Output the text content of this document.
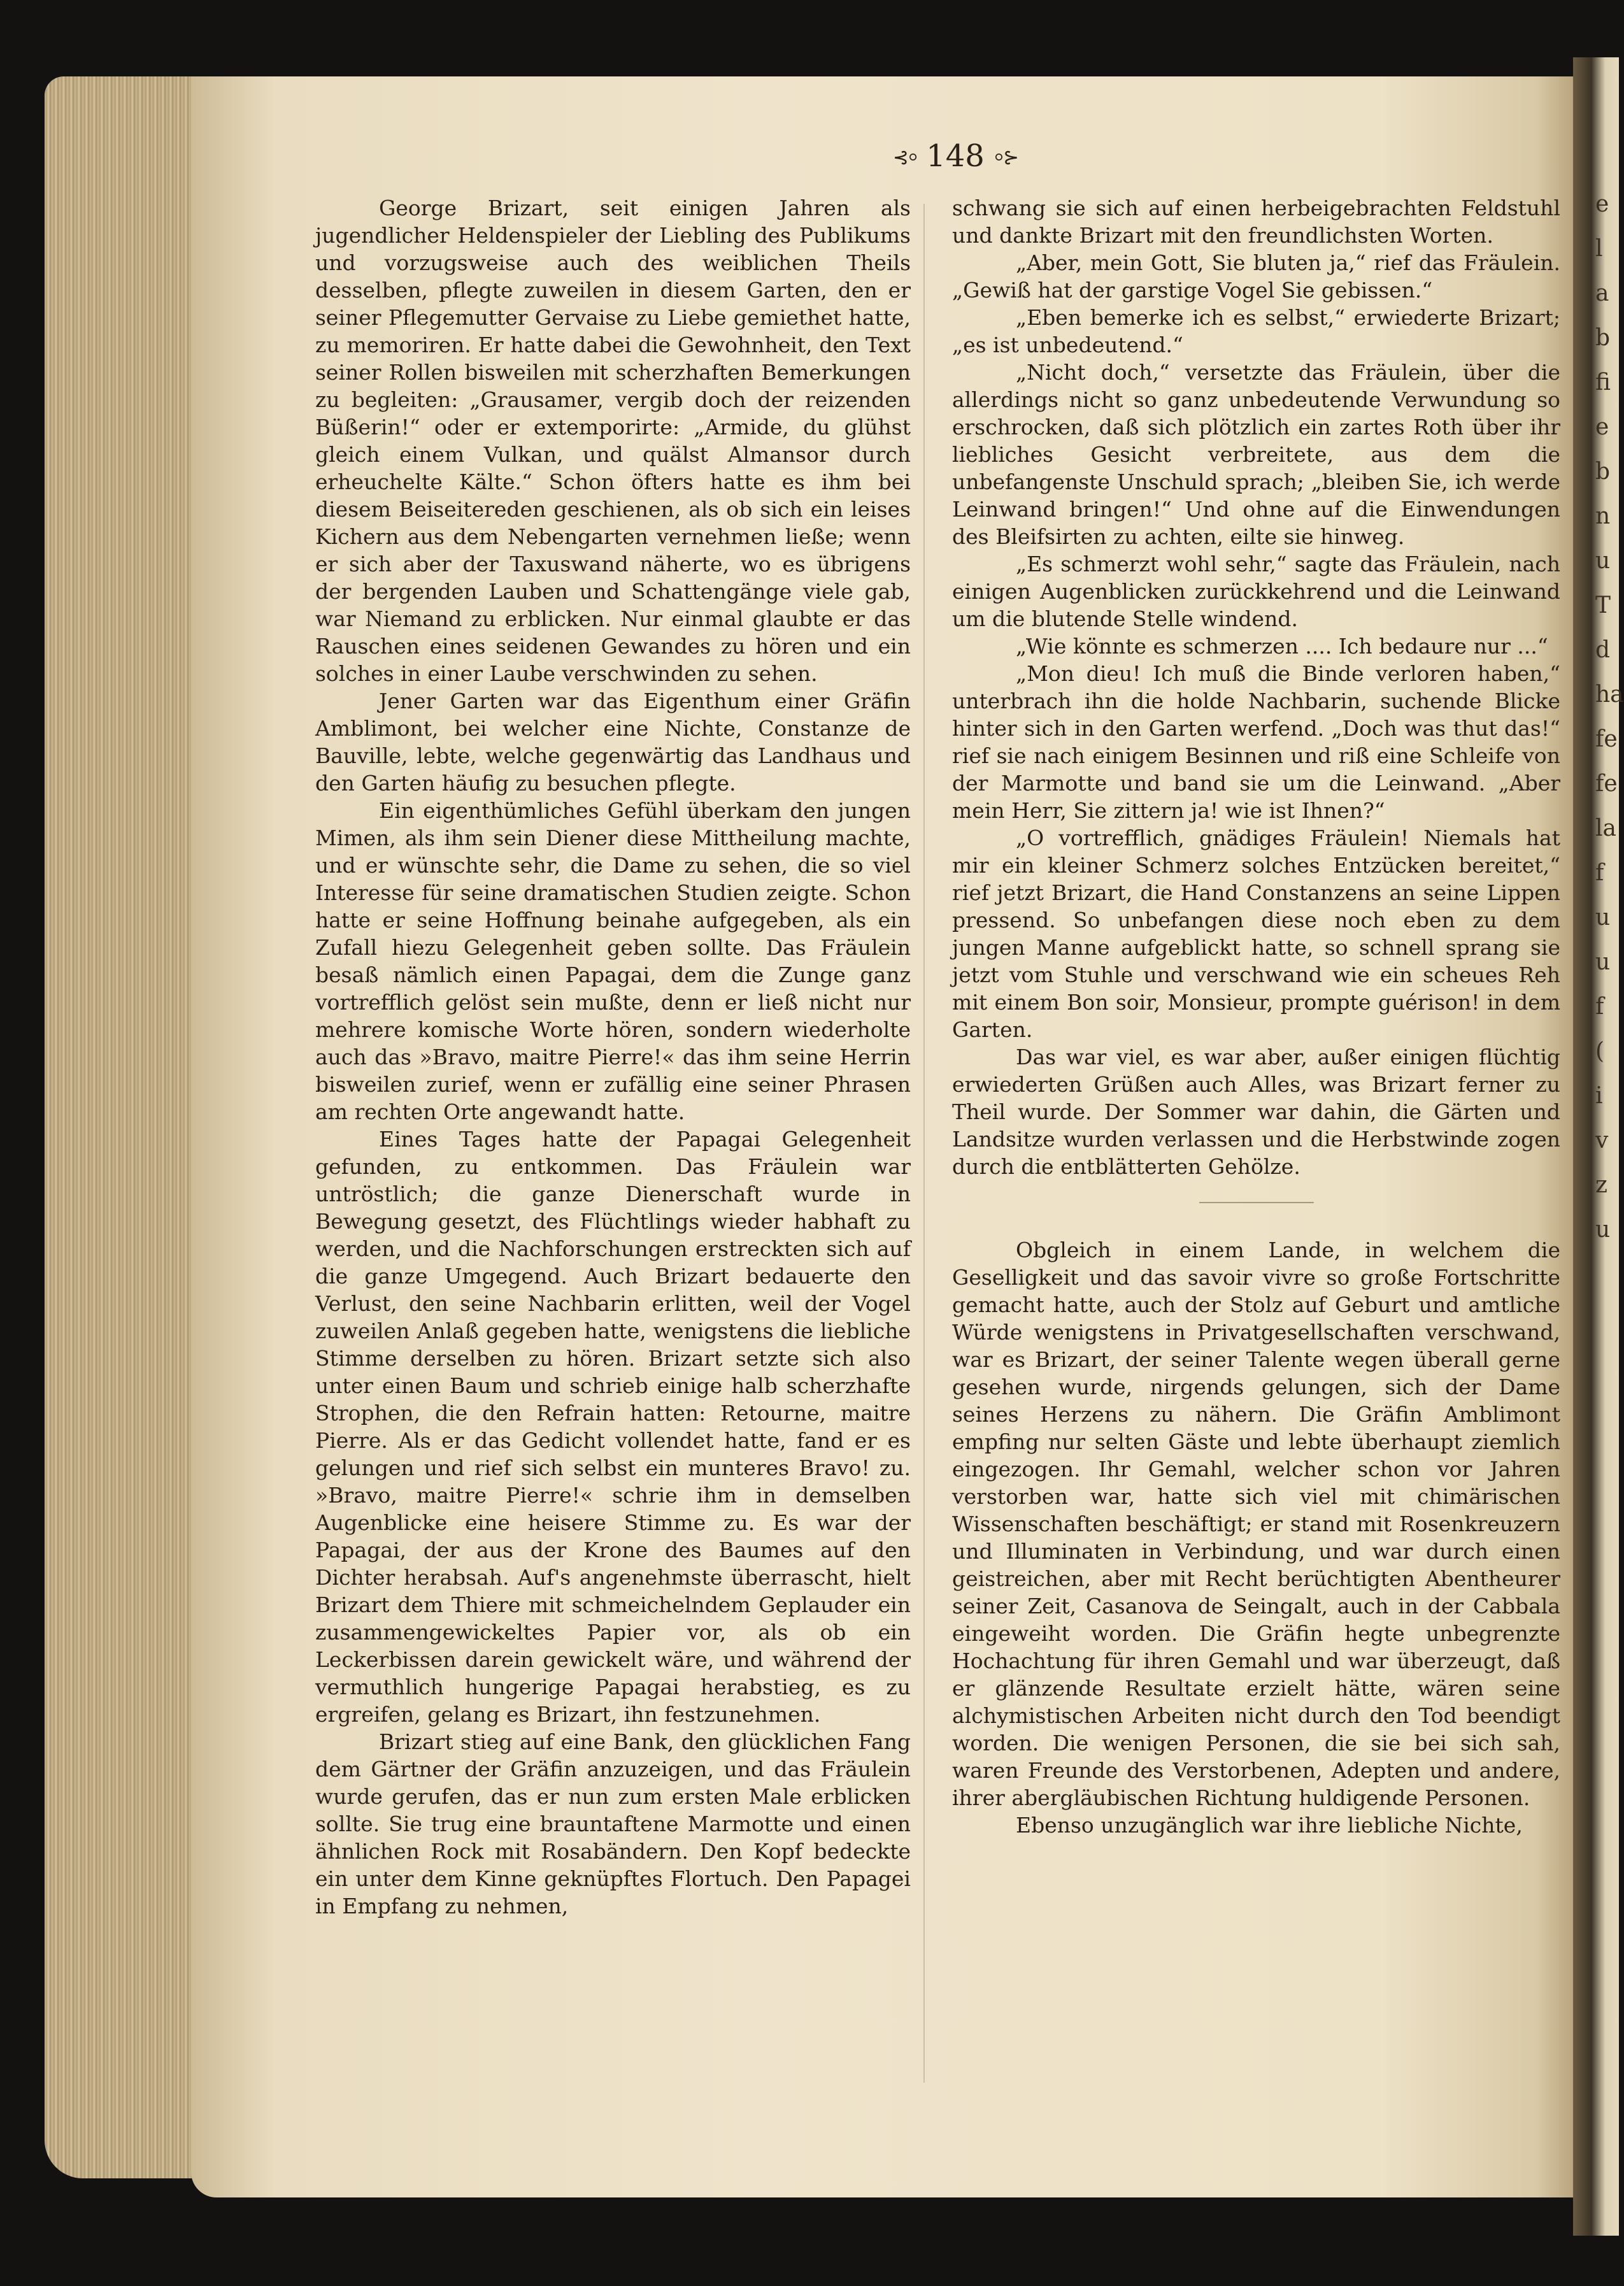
e
l
a
b
fi
e
b
n
u
T
d
ha
fe
fe
la
f
u
u
f
(
i
v
z
u
⊰⸰ 148 ⸰⊱

George Brizart, seit einigen Jahren als jugendlicher Heldenspieler der Liebling des Publikums und vorzugsweise auch des weiblichen Theils desselben, pflegte zuweilen in diesem Garten, den er seiner Pflegemutter Gervaise zu Liebe gemiethet hatte, zu memoriren. Er hatte dabei die Gewohnheit, den Text seiner Rollen bisweilen mit scherzhaften Bemerkungen zu begleiten: „Grausamer, vergib doch der reizenden Büßerin!“ oder er extemporirte: „Armide, du glühst gleich einem Vulkan, und quälst Almansor durch erheuchelte Kälte.“ Schon öfters hatte es ihm bei diesem Beiseitereden geschienen, als ob sich ein leises Kichern aus dem Nebengarten vernehmen ließe; wenn er sich aber der Taxuswand näherte, wo es übrigens der bergenden Lauben und Schattengänge viele gab, war Niemand zu erblicken. Nur einmal glaubte er das Rauschen eines seidenen Gewandes zu hören und ein solches in einer Laube verschwinden zu sehen.

Jener Garten war das Eigenthum einer Gräfin Amblimont, bei welcher eine Nichte, Constanze de Bauville, lebte, welche gegenwärtig das Landhaus und den Garten häufig zu besuchen pflegte.

Ein eigenthümliches Gefühl überkam den jungen Mimen, als ihm sein Diener diese Mittheilung machte, und er wünschte sehr, die Dame zu sehen, die so viel Interesse für seine dramatischen Studien zeigte. Schon hatte er seine Hoffnung beinahe aufgegeben, als ein Zufall hiezu Gelegenheit geben sollte. Das Fräulein besaß nämlich einen Papagai, dem die Zunge ganz vortrefflich gelöst sein mußte, denn er ließ nicht nur mehrere komische Worte hören, sondern wiederholte auch das »Bravo, maitre Pierre!« das ihm seine Herrin bisweilen zurief, wenn er zufällig eine seiner Phrasen am rechten Orte angewandt hatte.

Eines Tages hatte der Papagai Gelegenheit gefunden, zu entkommen. Das Fräulein war untröstlich; die ganze Dienerschaft wurde in Bewegung gesetzt, des Flüchtlings wieder habhaft zu werden, und die Nachforschungen erstreckten sich auf die ganze Umgegend. Auch Brizart bedauerte den Verlust, den seine Nachbarin erlitten, weil der Vogel zuweilen Anlaß gegeben hatte, wenigstens die liebliche Stimme derselben zu hören. Brizart setzte sich also unter einen Baum und schrieb einige halb scherzhafte Strophen, die den Refrain hatten: Retourne, maitre Pierre. Als er das Gedicht vollendet hatte, fand er es gelungen und rief sich selbst ein munteres Bravo! zu. »Bravo, maitre Pierre!« schrie ihm in demselben Augenblicke eine heisere Stimme zu. Es war der Papagai, der aus der Krone des Baumes auf den Dichter herabsah. Auf's angenehmste überrascht, hielt Brizart dem Thiere mit schmeichelndem Geplauder ein zusammengewickeltes Papier vor, als ob ein Leckerbissen darein gewickelt wäre, und während der vermuthlich hungerige Papagai herabstieg, es zu ergreifen, gelang es Brizart, ihn festzunehmen.

Brizart stieg auf eine Bank, den glücklichen Fang dem Gärtner der Gräfin anzuzeigen, und das Fräulein wurde gerufen, das er nun zum ersten Male erblicken sollte. Sie trug eine brauntaftene Marmotte und einen ähnlichen Rock mit Rosabändern. Den Kopf bedeckte ein unter dem Kinne geknüpftes Flortuch. Den Papagei in Empfang zu nehmen,

schwang sie sich auf einen herbeigebrachten Feldstuhl und dankte Brizart mit den freundlichsten Worten.

„Aber, mein Gott, Sie bluten ja,“ rief das Fräulein. „Gewiß hat der garstige Vogel Sie gebissen.“

„Eben bemerke ich es selbst,“ erwiederte Brizart; „es ist unbedeutend.“

„Nicht doch,“ versetzte das Fräulein, über die allerdings nicht so ganz unbedeutende Verwundung so erschrocken, daß sich plötzlich ein zartes Roth über ihr liebliches Gesicht verbreitete, aus dem die unbefangenste Unschuld sprach; „bleiben Sie, ich werde Leinwand bringen!“ Und ohne auf die Einwendungen des Bleifsirten zu achten, eilte sie hinweg.

„Es schmerzt wohl sehr,“ sagte das Fräulein, nach einigen Augenblicken zurückkehrend und die Leinwand um die blutende Stelle windend.

„Wie könnte es schmerzen .... Ich bedaure nur ...“

„Mon dieu! Ich muß die Binde verloren haben,“ unterbrach ihn die holde Nachbarin, suchende Blicke hinter sich in den Garten werfend. „Doch was thut das!“ rief sie nach einigem Besinnen und riß eine Schleife von der Marmotte und band sie um die Leinwand. „Aber mein Herr, Sie zittern ja! wie ist Ihnen?“

„O vortrefflich, gnädiges Fräulein! Niemals hat mir ein kleiner Schmerz solches Entzücken bereitet,“ rief jetzt Brizart, die Hand Constanzens an seine Lippen pressend. So unbefangen diese noch eben zu dem jungen Manne aufgeblickt hatte, so schnell sprang sie jetzt vom Stuhle und verschwand wie ein scheues Reh mit einem Bon soir, Monsieur, prompte guérison! in dem Garten.

Das war viel, es war aber, außer einigen flüchtig erwiederten Grüßen auch Alles, was Brizart ferner zu Theil wurde. Der Sommer war dahin, die Gärten und Landsitze wurden verlassen und die Herbstwinde zogen durch die entblätterten Gehölze.

Obgleich in einem Lande, in welchem die Geselligkeit und das savoir vivre so große Fortschritte gemacht hatte, auch der Stolz auf Geburt und amtliche Würde wenigstens in Privatgesellschaften verschwand, war es Brizart, der seiner Talente wegen überall gerne gesehen wurde, nirgends gelungen, sich der Dame seines Herzens zu nähern. Die Gräfin Amblimont empfing nur selten Gäste und lebte überhaupt ziemlich eingezogen. Ihr Gemahl, welcher schon vor Jahren verstorben war, hatte sich viel mit chimärischen Wissenschaften beschäftigt; er stand mit Rosenkreuzern und Illuminaten in Verbindung, und war durch einen geistreichen, aber mit Recht berüchtigten Abentheurer seiner Zeit, Casanova de Seingalt, auch in der Cabbala eingeweiht worden. Die Gräfin hegte unbegrenzte Hochachtung für ihren Gemahl und war überzeugt, daß er glänzende Resultate erzielt hätte, wären seine alchymistischen Arbeiten nicht durch den Tod beendigt worden. Die wenigen Personen, die sie bei sich sah, waren Freunde des Verstorbenen, Adepten und andere, ihrer abergläubischen Richtung huldigende Personen.

Ebenso unzugänglich war ihre liebliche Nichte,
